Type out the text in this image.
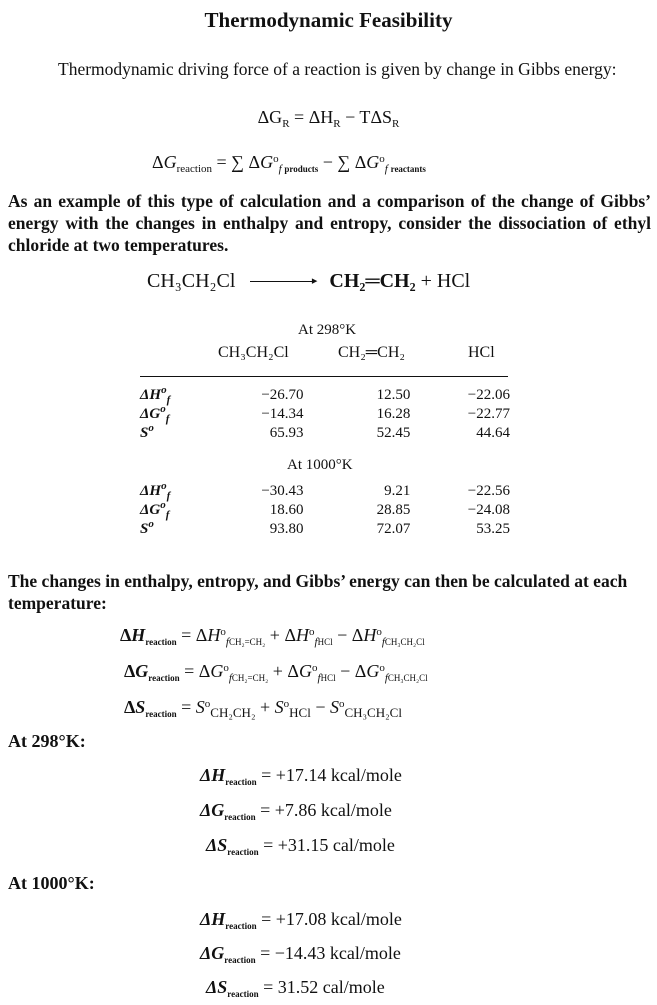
Thermodynamic Feasibility
Thermodynamic driving force of a reaction is given by change in Gibbs energy:
$\Delta G_R = \Delta H_R - T\Delta S_R$
$\Delta G_{reaction}$ = ∑ $\Delta G^o_{f products}$ − ∑ $\Delta G^o_{f reactants}$
As an example of this type of calculation and a comparison of the change of Gibbs’ energy with the changes in enthalpy and entropy, consider the dissociation of ethyl chloride at two temperatures.
CH₃CH₂Cl	▸ CH₂═CH₂ + HCl
At 298°K
CH₃CH₂Cl	CH₂═CH₂	HCl
$\Delta H^o_f$	−26.70	12.50	−22.06
$\Delta G^o_f$	−14.34	16.28	−22.77
$S^o$	65.93	52.45	44.64
At 1000°K
$\Delta H^o_f$	−30.43	9.21	−22.56
$\Delta G^o_f$	18.60	28.85	−24.08
$S^o$	93.80	72.07	53.25
The changes in enthalpy, entropy, and Gibbs’ energy can then be calculated at each temperature:
$\Delta H_{reaction} = \Delta H^o_{fCH_2=CH_2} + \Delta H^o_{fHCl} - \Delta H^o_{fCH_3CH_2Cl}$
$\Delta G_{reaction} = \Delta G^o_{fCH_2=CH_2} + \Delta G^o_{fHCl} - \Delta G^o_{fCH_3CH_2Cl}$
$\Delta S_{reaction} = S^o_{CH_2CH_2} + S^o_{HCl} - S^o_{CH_3CH_2Cl}$
At 298°K:
$\Delta H_{reaction} = +17.14$ kcal/mole
$\Delta G_{reaction} = +7.86$ kcal/mole
$\Delta S_{reaction} = +31.15$ cal/mole
At 1000°K:
$\Delta H_{reaction} = +17.08$ kcal/mole
$\Delta G_{reaction} = -14.43$ kcal/mole
$\Delta S_{reaction} = 31.52$ cal/mole
